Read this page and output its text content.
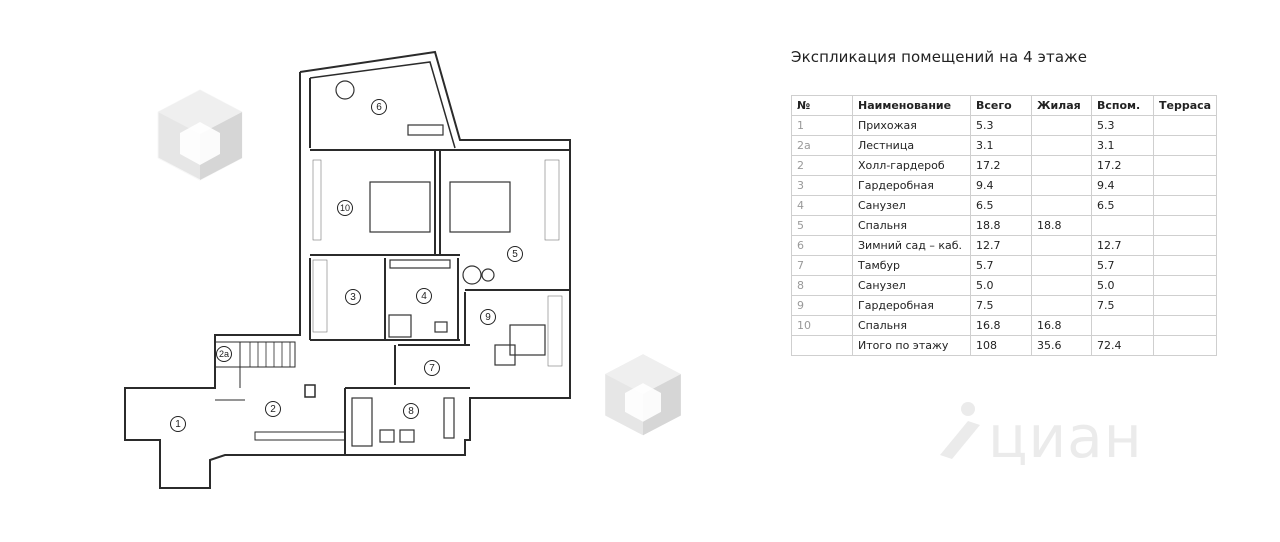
1
2а
2
3	4
5
6
7
8
9
10
Экспликация помещений на 4 этаже
№	Наименование	Всего	Жилая	Вспом.	Терраса
1	Прихожая	5.3		5.3	
2а	Лестница	3.1		3.1	
2	Холл-гардероб	17.2		17.2	
3	Гардеробная	9.4		9.4	
4	Санузел	6.5		6.5	
5	Спальня	18.8	18.8		
6	Зимний сад – каб.	12.7		12.7	
7	Тамбур	5.7		5.7	
8	Санузел	5.0		5.0	
9	Гардеробная	7.5		7.5	
10	Спальня	16.8	16.8		
	Итого по этажу	108	35.6	72.4	
циан
